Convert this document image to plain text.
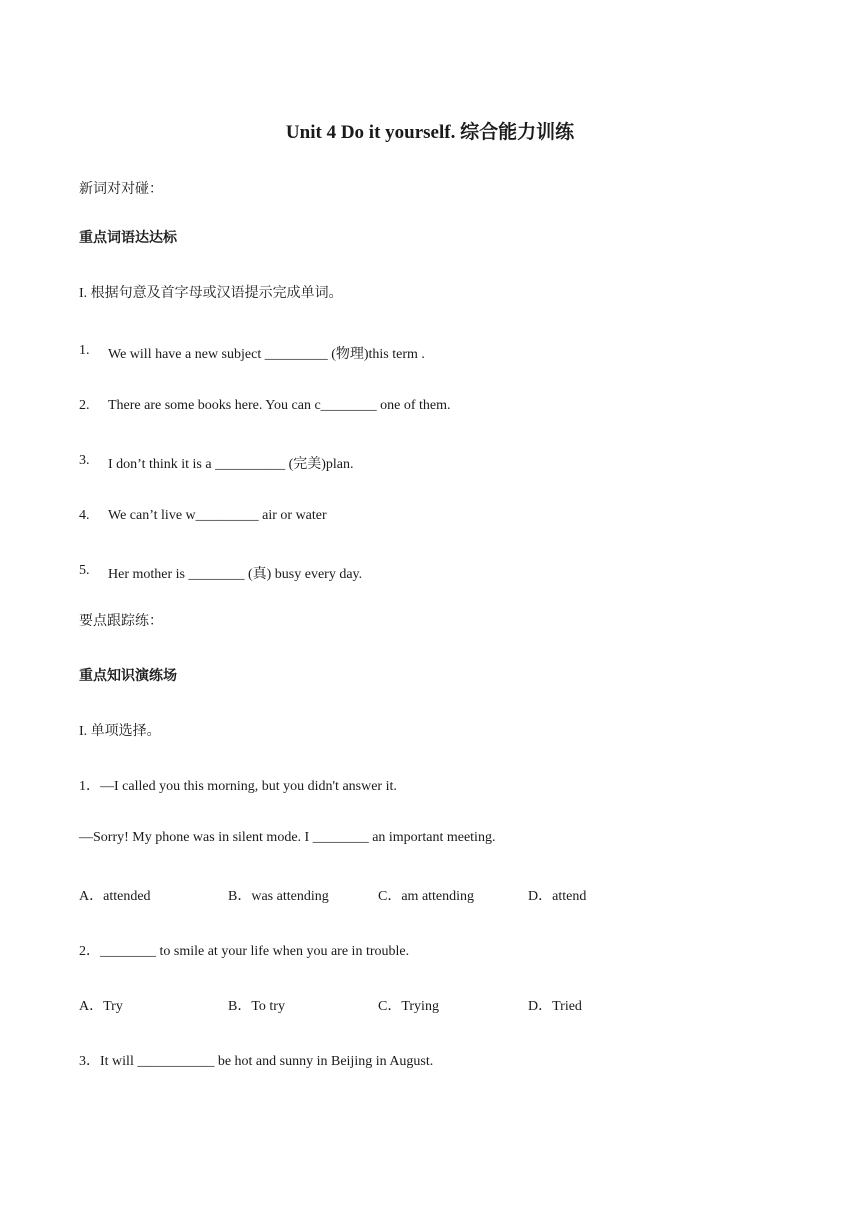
Unit 4 Do it yourself. 综合能力训练
新词对对碰：
重点词语达达标
I. 根据句意及首字母或汉语提示完成单词。
1. We will have a new subject _________ (物理)this term .
2. There are some books here. You can c________ one of them.
3. I don’t think it is a __________ (完美)plan.
4. We can’t live w_________ air or water
5. Her mother is ________ (真) busy every day.
要点跟踪练：
重点知识演练场
I. 单项选择。
1．—I called you this morning, but you didn't answer it.
—Sorry! My phone was in silent mode. I ________ an important meeting.
A．attended	B．was attending	C．am attending	D．attend
2．________ to smile at your life when you are in trouble.
A．Try	B．To try	C．Trying	D．Tried
3．It will ___________ be hot and sunny in Beijing in August.
